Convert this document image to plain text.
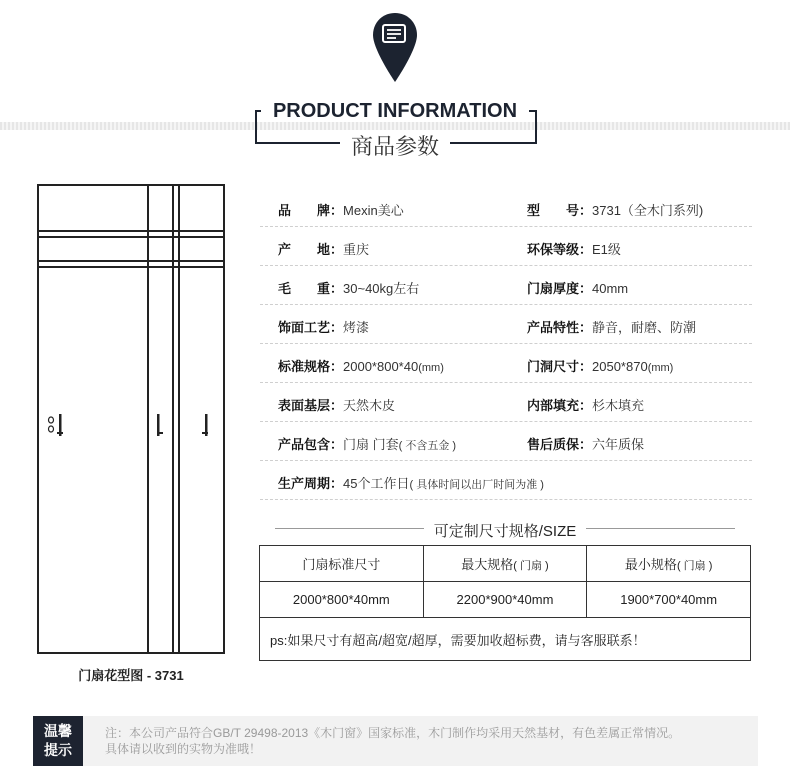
PRODUCT INFORMATION
商品参数
门扇花型图 - 3731
品　　牌：Mexin美心	型　　号：3731（全木门系列)
产　　地：重庆	环保等级：E1级
毛　　重：30~40kg左右	门扇厚度：40mm
饰面工艺：烤漆	产品特性：静音，耐磨、防潮
标准规格：2000*800*40(mm)	门洞尺寸：2050*870(mm)
表面基层：天然木皮	内部填充：杉木填充
产品包含：门扇 门套( 不含五金 )	售后质保：六年质保
生产周期：45个工作日( 具体时间以出厂时间为准 )
可定制尺寸规格/SIZE
门扇标准尺寸	最大规格( 门扇 )	最小规格( 门扇 )
2000*800*40mm	2200*900*40mm	1900*700*40mm
ps:如果尺寸有超高/超宽/超厚，需要加收超标费，请与客服联系！		
温馨
提示
注：本公司产品符合GB/T 29498-2013《木门窗》国家标准，木门制作均采用天然基材，有色差属正常情况。
具体请以收到的实物为准哦！
